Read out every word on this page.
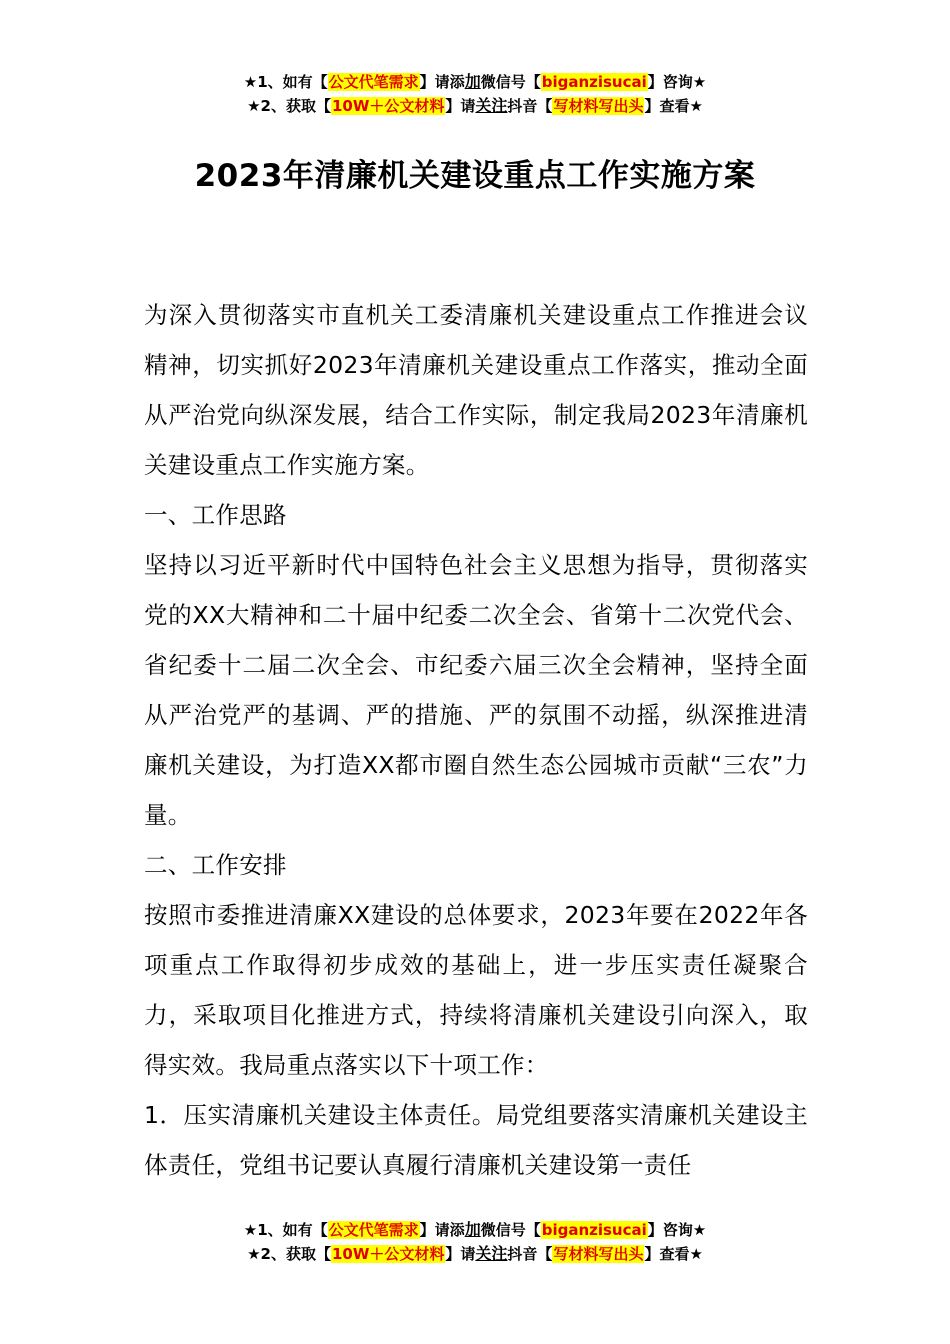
★1、如有【公文代笔需求】请添加微信号【biganzisucai】咨询★
★2、获取【10W＋公文材料】请关注抖音【写材料写出头】查看★
2023年清廉机关建设重点工作实施方案

为深入贯彻落实市直机关工委清廉机关建设重点工作推进会议精神，切实抓好2023年清廉机关建设重点工作落实，推动全面从严治党向纵深发展，结合工作实际，制定我局2023年清廉机关建设重点工作实施方案。

一、工作思路

坚持以习近平新时代中国特色社会主义思想为指导，贯彻落实党的XX大精神和二十届中纪委二次全会、省第十二次党代会、省纪委十二届二次全会、市纪委六届三次全会精神，坚持全面从严治党严的基调、严的措施、严的氛围不动摇，纵深推进清廉机关建设，为打造XX都市圈自然生态公园城市贡献“三农”力量。

二、工作安排

按照市委推进清廉XX建设的总体要求，2023年要在2022年各项重点工作取得初步成效的基础上，进一步压实责任凝聚合力，采取项目化推进方式，持续将清廉机关建设引向深入，取得实效。我局重点落实以下十项工作：

1．压实清廉机关建设主体责任。局党组要落实清廉机关建设主体责任，党组书记要认真履行清廉机关建设第一责任

★1、如有【公文代笔需求】请添加微信号【biganzisucai】咨询★
★2、获取【10W＋公文材料】请关注抖音【写材料写出头】查看★
